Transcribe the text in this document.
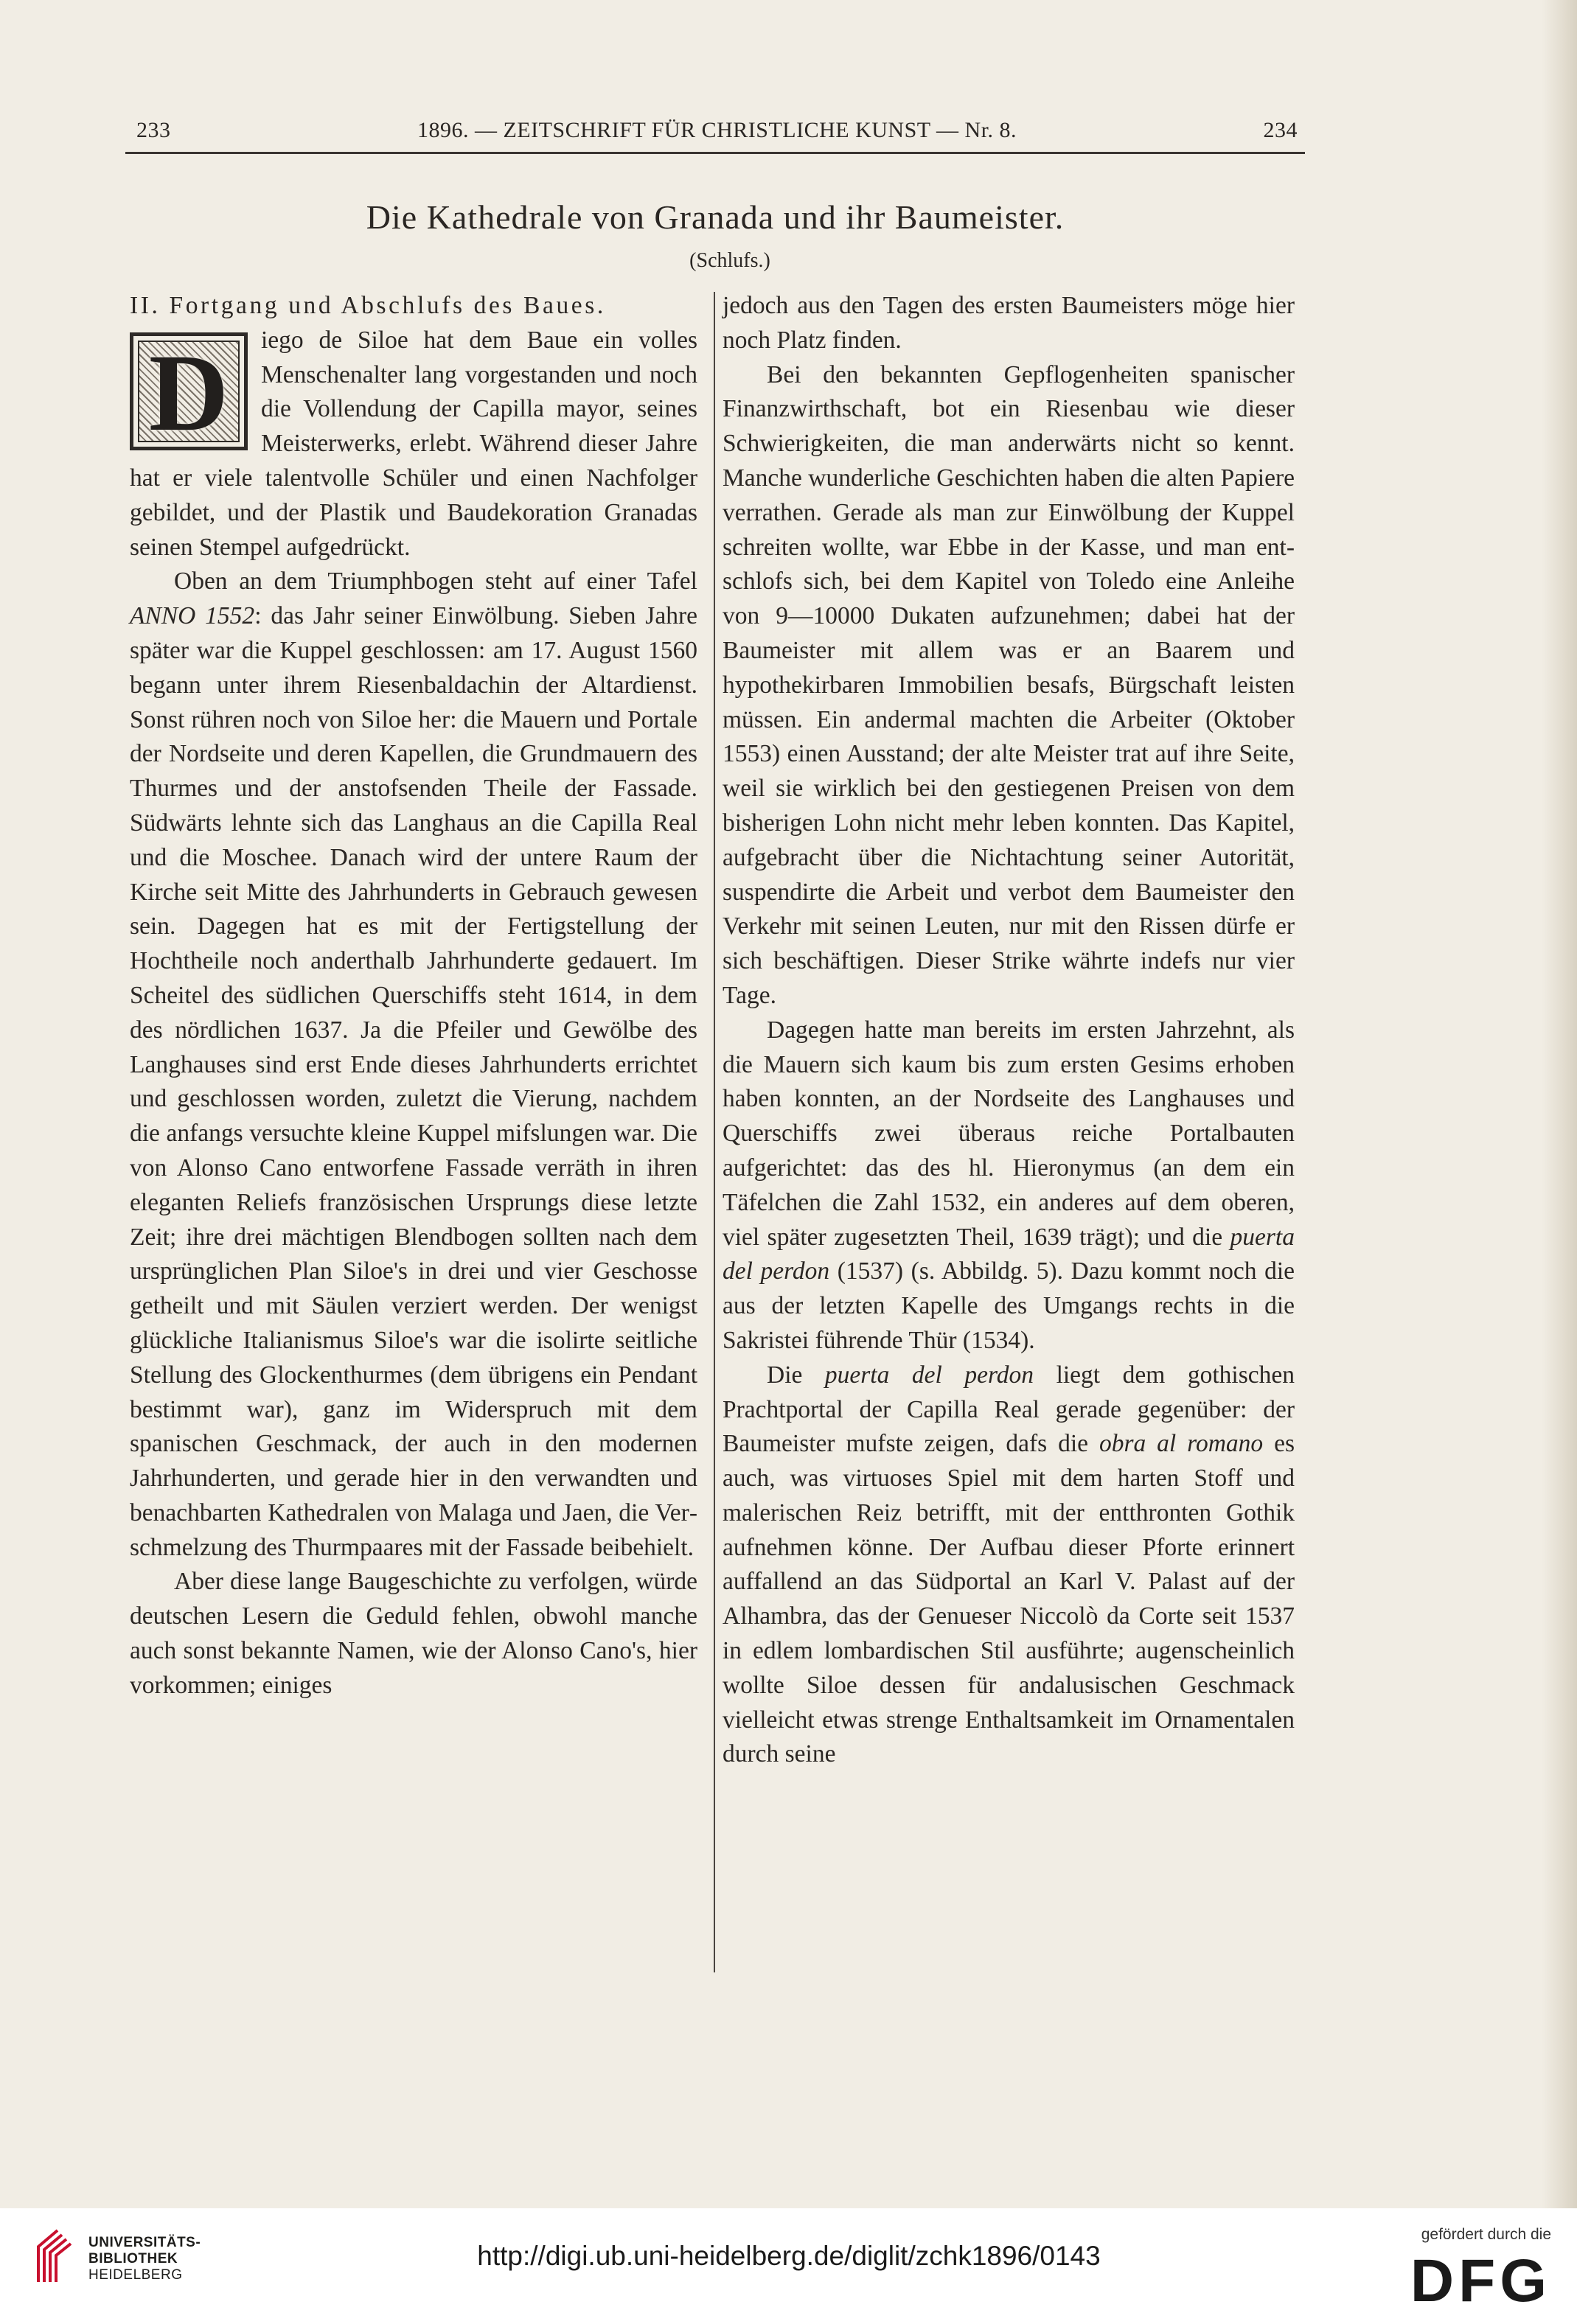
233	1896. — ZEITSCHRIFT FÜR CHRISTLICHE KUNST — Nr. 8.	234
Die Kathedrale von Granada und ihr Baumeister.
(Schlufs.)

II. Fortgang und Abschlufs des Baues.

D	iego de Siloe hat dem Baue ein volles Menschenalter lang vorgestanden und noch die Vollendung der Capilla mayor, seines Meisterwerks, erlebt. Während dieser Jahre hat er viele talentvolle Schüler und einen Nachfolger gebildet, und der Plastik und Baudekoration Granadas seinen Stempel aufgedrückt.

Oben an dem Triumphbogen steht auf einer Tafel ANNO 1552: das Jahr seiner Einwölbung. Sieben Jahre später war die Kuppel geschlossen: am 17. August 1560 begann unter ihrem Riesenbaldachin der Altardienst. Sonst rühren noch von Siloe her: die Mauern und Portale der Nordseite und deren Kapellen, die Grundmauern des Thurmes und der anstofsenden Theile der Fassade. Südwärts lehnte sich das Langhaus an die Capilla Real und die Moschee. Danach wird der untere Raum der Kirche seit Mitte des Jahrhunderts in Gebrauch gewesen sein. Dagegen hat es mit der Fertigstellung der Hochtheile noch anderthalb Jahrhunderte gedauert. Im Scheitel des südlichen Querschiffs steht 1614, in dem des nördlichen 1637. Ja die Pfeiler und Gewölbe des Langhauses sind erst Ende dieses Jahrhunderts errichtet und geschlossen worden, zuletzt die Vierung, nachdem die anfangs versuchte kleine Kuppel mifslungen war. Die von Alonso Cano entworfene Fassade verräth in ihren eleganten Reliefs französischen Ursprungs diese letzte Zeit; ihre drei mächtigen Blendbogen sollten nach dem ursprünglichen Plan Siloe's in drei und vier Geschosse getheilt und mit Säulen verziert werden. Der wenigst glückliche Italianismus Siloe's war die isolirte seitliche Stellung des Glockenthurmes (dem übrigens ein Pendant bestimmt war), ganz im Widerspruch mit dem spanischen Geschmack, der auch in den modernen Jahrhunderten, und gerade hier in den verwandten und benachbarten Kathedralen von Malaga und Jaen, die Verschmelzung des Thurmpaares mit der Fassade beibehielt.

Aber diese lange Baugeschichte zu verfolgen, würde deutschen Lesern die Geduld fehlen, obwohl manche auch sonst bekannte Namen, wie der Alonso Cano's, hier vorkommen; einiges

jedoch aus den Tagen des ersten Baumeisters möge hier noch Platz finden.

Bei den bekannten Gepflogenheiten spanischer Finanzwirthschaft, bot ein Riesenbau wie dieser Schwierigkeiten, die man anderwärts nicht so kennt. Manche wunderliche Geschichten haben die alten Papiere verrathen. Gerade als man zur Einwölbung der Kuppel schreiten wollte, war Ebbe in der Kasse, und man entschlofs sich, bei dem Kapitel von Toledo eine Anleihe von 9—10000 Dukaten aufzunehmen; dabei hat der Baumeister mit allem was er an Baarem und hypothekirbaren Immobilien besafs, Bürgschaft leisten müssen. Ein andermal machten die Arbeiter (Oktober 1553) einen Ausstand; der alte Meister trat auf ihre Seite, weil sie wirklich bei den gestiegenen Preisen von dem bisherigen Lohn nicht mehr leben konnten. Das Kapitel, aufgebracht über die Nichtachtung seiner Autorität, suspendirte die Arbeit und verbot dem Baumeister den Verkehr mit seinen Leuten, nur mit den Rissen dürfe er sich beschäftigen. Dieser Strike währte indefs nur vier Tage.

Dagegen hatte man bereits im ersten Jahrzehnt, als die Mauern sich kaum bis zum ersten Gesims erhoben haben konnten, an der Nordseite des Langhauses und Querschiffs zwei überaus reiche Portalbauten aufgerichtet: das des hl. Hieronymus (an dem ein Täfelchen die Zahl 1532, ein anderes auf dem oberen, viel später zugesetzten Theil, 1639 trägt); und die puerta del perdon (1537) (s. Abbildg. 5). Dazu kommt noch die aus der letzten Kapelle des Umgangs rechts in die Sakristei führende Thür (1534).

Die puerta del perdon liegt dem gothischen Prachtportal der Capilla Real gerade gegenüber: der Baumeister mufste zeigen, dafs die obra al romano es auch, was virtuoses Spiel mit dem harten Stoff und malerischen Reiz betrifft, mit der entthronten Gothik aufnehmen könne. Der Aufbau dieser Pforte erinnert auffallend an das Südportal an Karl V. Palast auf der Alhambra, das der Genueser Niccolò da Corte seit 1537 in edlem lombardischen Stil ausführte; augenscheinlich wollte Siloe dessen für andalusischen Geschmack vielleicht etwas strenge Enthaltsamkeit im Ornamentalen durch seine

UNIVERSITÄTS-
BIBLIOTHEK
HEIDELBERG
http://digi.ub.uni-heidelberg.de/diglit/zchk1896/0143
gefördert durch die
DFG
